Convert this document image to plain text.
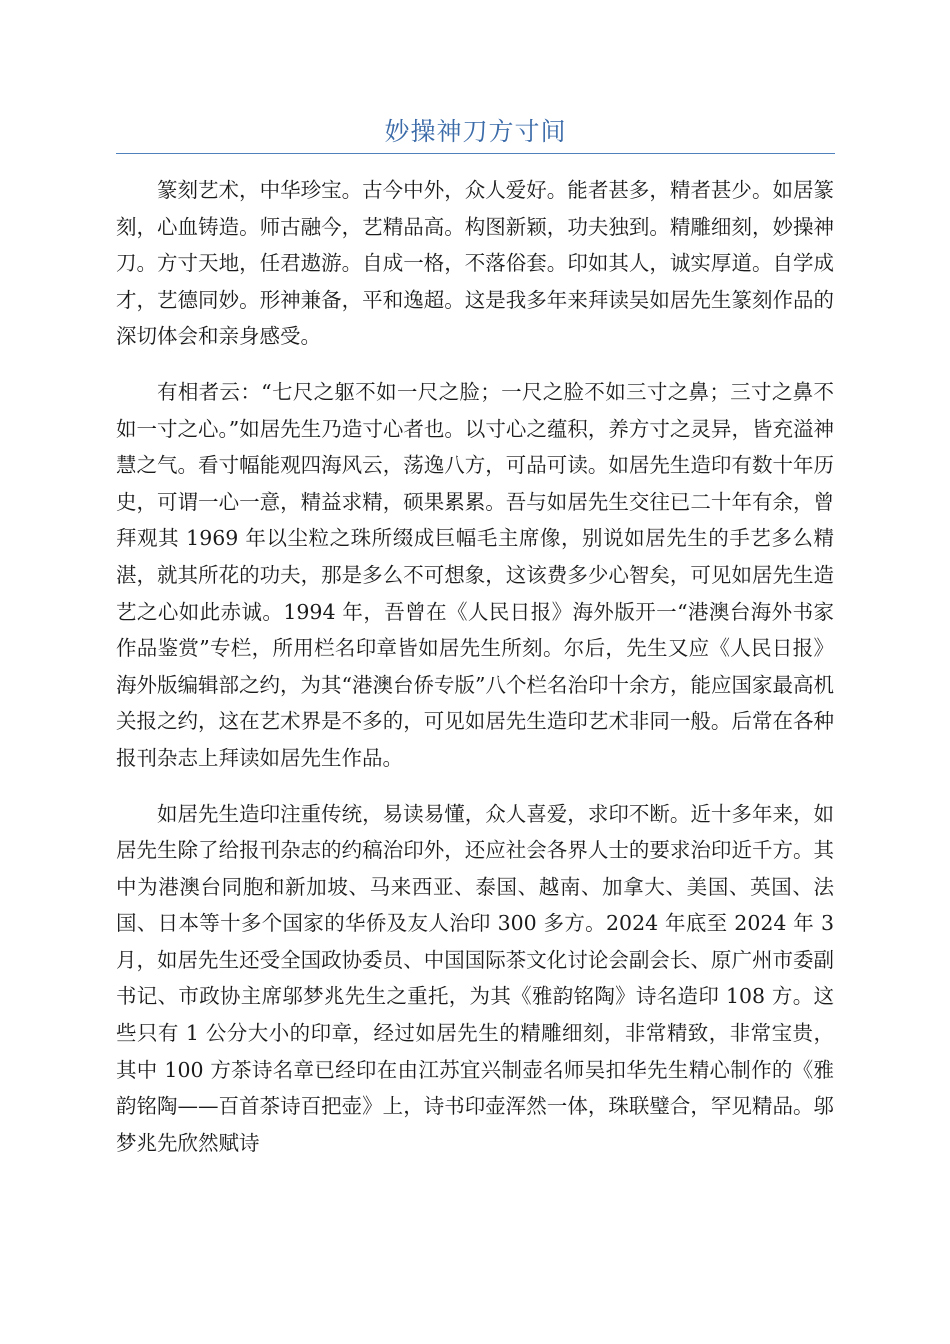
妙操神刀方寸间

篆刻艺术，中华珍宝。古今中外，众人爱好。能者甚多，精者甚少。如居篆刻，心血铸造。师古融今，艺精品高。构图新颖，功夫独到。精雕细刻，妙操神刀。方寸天地，任君遨游。自成一格，不落俗套。印如其人，诚实厚道。自学成才，艺德同妙。形神兼备，平和逸超。这是我多年来拜读吴如居先生篆刻作品的深切体会和亲身感受。

有相者云：“七尺之躯不如一尺之脸；一尺之脸不如三寸之鼻；三寸之鼻不如一寸之心。”如居先生乃造寸心者也。以寸心之蕴积，养方寸之灵异，皆充溢神慧之气。看寸幅能观四海风云，荡逸八方，可品可读。如居先生造印有数十年历史，可谓一心一意，精益求精，硕果累累。吾与如居先生交往已二十年有余，曾拜观其 1969 年以尘粒之珠所缀成巨幅毛主席像，别说如居先生的手艺多么精湛，就其所花的功夫，那是多么不可想象，这该费多少心智矣，可见如居先生造艺之心如此赤诚。1994 年，吾曾在《人民日报》海外版开一“港澳台海外书家作品鉴赏”专栏，所用栏名印章皆如居先生所刻。尔后，先生又应《人民日报》海外版编辑部之约，为其“港澳台侨专版”八个栏名治印十余方，能应国家最高机关报之约，这在艺术界是不多的，可见如居先生造印艺术非同一般。后常在各种报刊杂志上拜读如居先生作品。

如居先生造印注重传统，易读易懂，众人喜爱，求印不断。近十多年来，如居先生除了给报刊杂志的约稿治印外，还应社会各界人士的要求治印近千方。其中为港澳台同胞和新加坡、马来西亚、泰国、越南、加拿大、美国、英国、法国、日本等十多个国家的华侨及友人治印 300 多方。2024 年底至 2024 年 3 月，如居先生还受全国政协委员、中国国际茶文化讨论会副会长、原广州市委副书记、市政协主席邬梦兆先生之重托，为其《雅韵铭陶》诗名造印 108 方。这些只有 1 公分大小的印章，经过如居先生的精雕细刻，非常精致，非常宝贵，其中 100 方茶诗名章已经印在由江苏宜兴制壶名师吴扣华先生精心制作的《雅韵铭陶——百首茶诗百把壶》上，诗书印壶浑然一体，珠联璧合，罕见精品。邬梦兆先欣然赋诗
